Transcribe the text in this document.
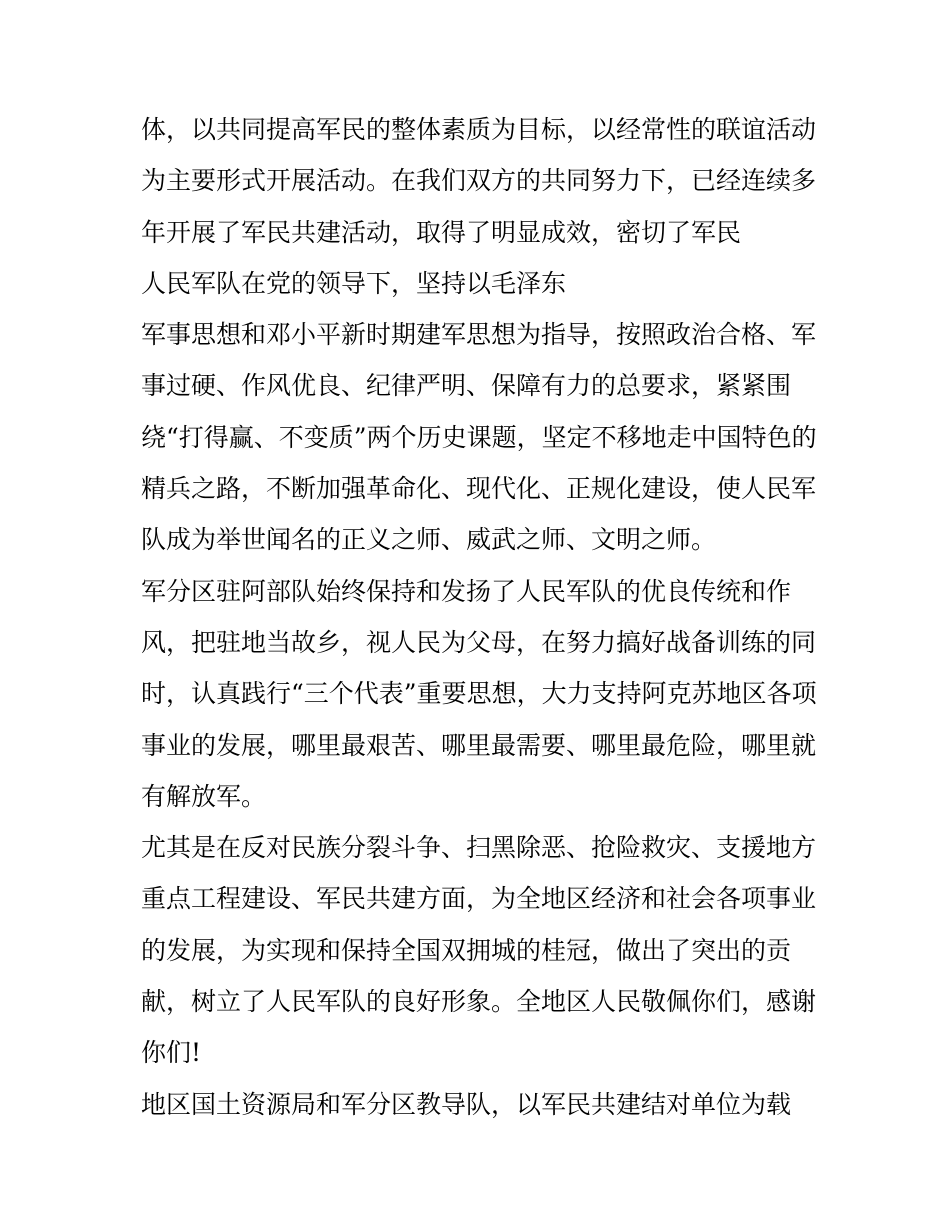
体，以共同提高军民的整体素质为目标，以经常性的联谊活动
为主要形式开展活动。在我们双方的共同努力下，已经连续多
年开展了军民共建活动，取得了明显成效，密切了军民
人民军队在党的领导下，坚持以毛泽东
军事思想和邓小平新时期建军思想为指导，按照政治合格、军
事过硬、作风优良、纪律严明、保障有力的总要求，紧紧围
绕“打得赢、不变质”两个历史课题，坚定不移地走中国特色的
精兵之路，不断加强革命化、现代化、正规化建设，使人民军
队成为举世闻名的正义之师、威武之师、文明之师。
军分区驻阿部队始终保持和发扬了人民军队的优良传统和作
风，把驻地当故乡，视人民为父母，在努力搞好战备训练的同
时，认真践行“三个代表”重要思想，大力支持阿克苏地区各项
事业的发展，哪里最艰苦、哪里最需要、哪里最危险，哪里就
有解放军。
尤其是在反对民族分裂斗争、扫黑除恶、抢险救灾、支援地方
重点工程建设、军民共建方面，为全地区经济和社会各项事业
的发展，为实现和保持全国双拥城的桂冠，做出了突出的贡
献，树立了人民军队的良好形象。全地区人民敬佩你们，感谢
你们!
地区国土资源局和军分区教导队，以军民共建结对单位为载
